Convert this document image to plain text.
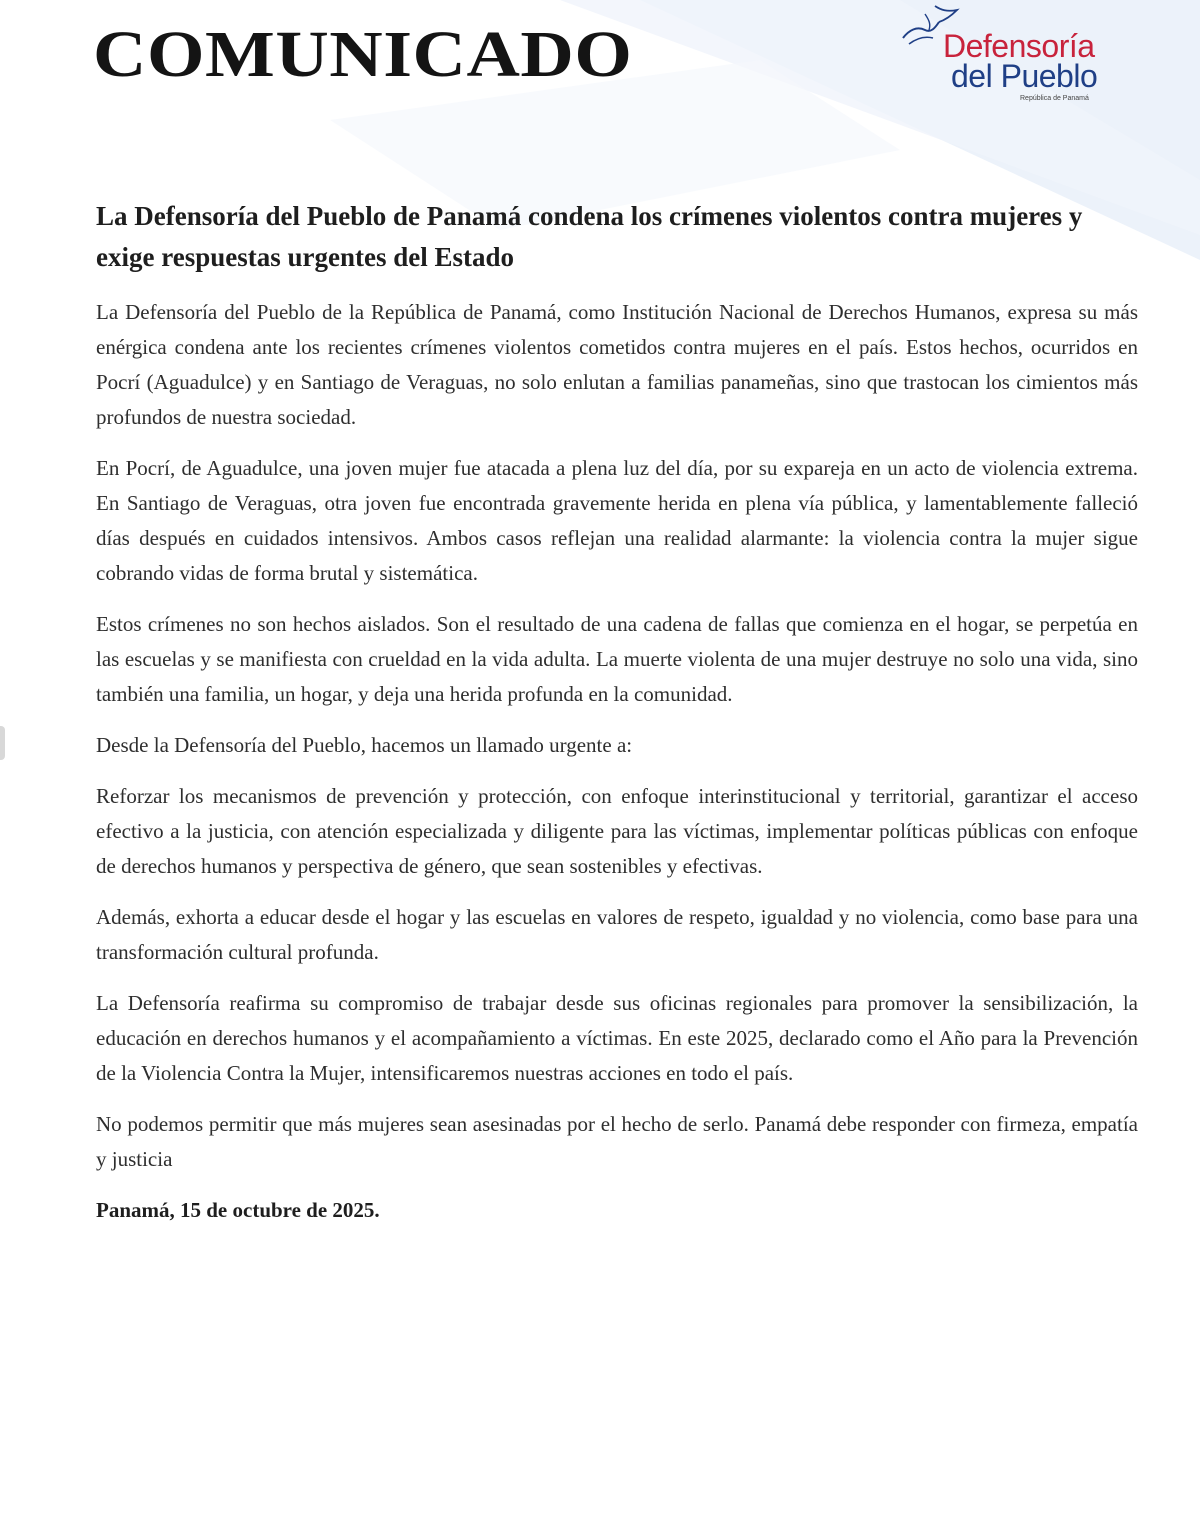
COMUNICADO	Defensoría
del Pueblo
República de Panamá
La Defensoría del Pueblo de Panamá condena los crímenes violentos contra mujeres y exige respuestas urgentes del Estado

La Defensoría del Pueblo de la República de Panamá, como Institución Nacional de Derechos Humanos, expresa su más enérgica condena ante los recientes crímenes violentos cometidos contra mujeres en el país. Estos hechos, ocurridos en Pocrí (Aguadulce) y en Santiago de Veraguas, no solo enlutan a familias panameñas, sino que trastocan los cimientos más profundos de nuestra sociedad.

En Pocrí, de Aguadulce, una joven mujer fue atacada a plena luz del día, por su expareja en un acto de violencia extrema. En Santiago de Veraguas, otra joven fue encontrada gravemente herida en plena vía pública, y lamentablemente falleció días después en cuidados intensivos. Ambos casos reflejan una realidad alarmante: la violencia contra la mujer sigue cobrando vidas de forma brutal y sistemática.

Estos crímenes no son hechos aislados. Son el resultado de una cadena de fallas que comienza en el hogar, se perpetúa en las escuelas y se manifiesta con crueldad en la vida adulta. La muerte violenta de una mujer destruye no solo una vida, sino también una familia, un hogar, y deja una herida profunda en la comunidad.

Desde la Defensoría del Pueblo, hacemos un llamado urgente a:

Reforzar los mecanismos de prevención y protección, con enfoque interinstitucional y territorial, garantizar el acceso efectivo a la justicia, con atención especializada y diligente para las víctimas, implementar políticas públicas con enfoque de derechos humanos y perspectiva de género, que sean sostenibles y efectivas.

Además, exhorta a educar desde el hogar y las escuelas en valores de respeto, igualdad y no violencia, como base para una transformación cultural profunda.

La Defensoría reafirma su compromiso de trabajar desde sus oficinas regionales para promover la sensibilización, la educación en derechos humanos y el acompañamiento a víctimas. En este 2025, declarado como el Año para la Prevención de la Violencia Contra la Mujer, intensificaremos nuestras acciones en todo el país.

No podemos permitir que más mujeres sean asesinadas por el hecho de serlo. Panamá debe responder con firmeza, empatía y justicia

Panamá, 15 de octubre de 2025.
